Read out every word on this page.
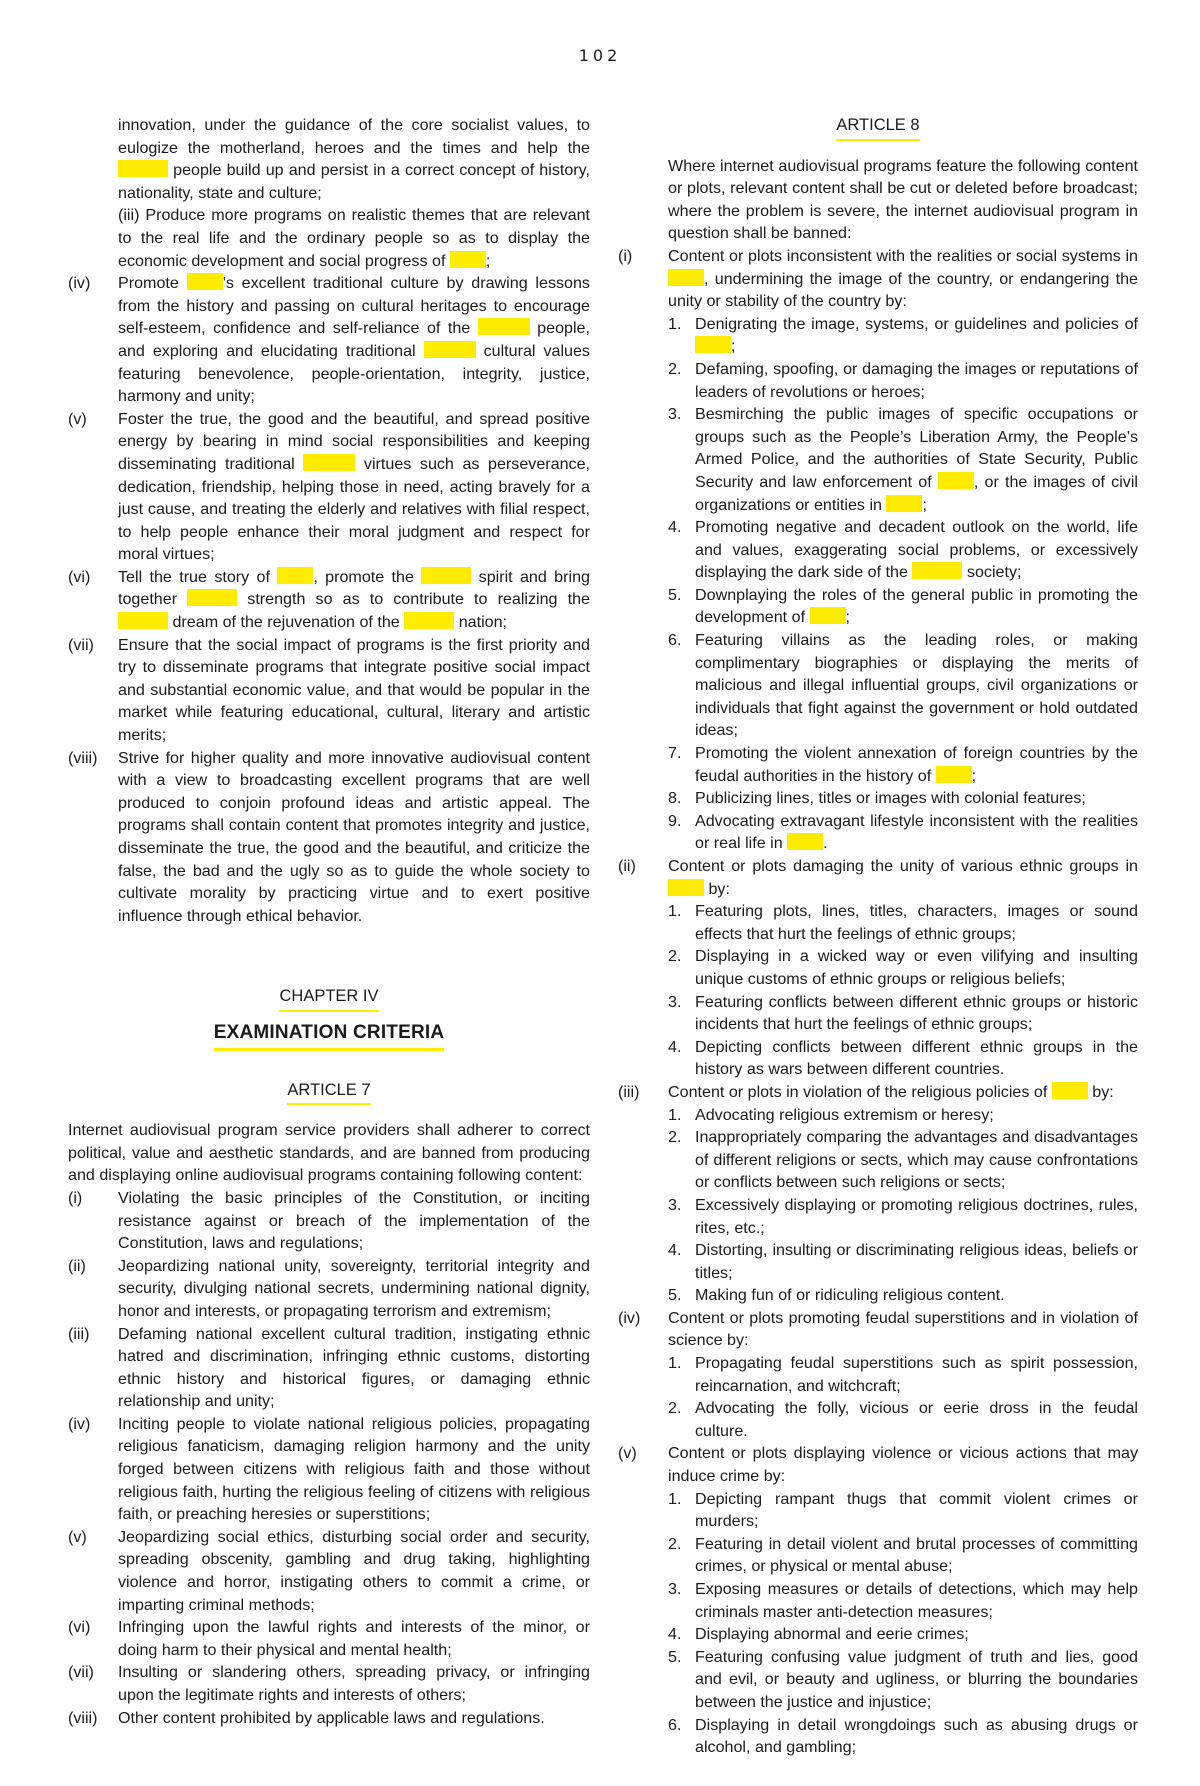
102
innovation, under the guidance of the core socialist values, to eulogize the motherland, heroes and the times and help the  people build up and persist in a correct concept of history, nationality, state and culture;
(iii) Produce more programs on realistic themes that are relevant to the real life and the ordinary people so as to display the economic development and social progress of	;
(iv)	Promote	’s excellent traditional culture by drawing lessons from the history and passing on cultural heritages to encourage self-esteem, confidence and self-reliance of the	people, and exploring and elucidating traditional	cultural values featuring benevolence, people-orientation, integrity, justice, harmony and unity;
(v)	Foster the true, the good and the beautiful, and spread positive energy by bearing in mind social responsibilities and keeping disseminating traditional	virtues such as perseverance, dedication, friendship, helping those in need, acting bravely for a just cause, and treating the elderly and relatives with filial respect, to help people enhance their moral judgment and respect for moral virtues;
(vi)	Tell the true story of	, promote the	spirit and bring together	strength so as to contribute to realizing the  dream of the rejuvenation of the	nation;
(vii)	Ensure that the social impact of programs is the first priority and try to disseminate programs that integrate positive social impact and substantial economic value, and that would be popular in the market while featuring educational, cultural, literary and artistic merits;
(viii)	Strive for higher quality and more innovative audiovisual content with a view to broadcasting excellent programs that are well produced to conjoin profound ideas and artistic appeal. The programs shall contain content that promotes integrity and justice, disseminate the true, the good and the beautiful, and criticize the false, the bad and the ugly so as to guide the whole society to cultivate morality by practicing virtue and to exert positive influence through ethical behavior.
CHAPTER IV
EXAMINATION CRITERIA
ARTICLE 7
Internet audiovisual program service providers shall adherer to correct political, value and aesthetic standards, and are banned from producing and displaying online audiovisual programs containing following content:
(i)	Violating the basic principles of the Constitution, or inciting resistance against or breach of the implementation of the Constitution, laws and regulations;
(ii)	Jeopardizing national unity, sovereignty, territorial integrity and security, divulging national secrets, undermining national dignity, honor and interests, or propagating terrorism and extremism;
(iii)	Defaming national excellent cultural tradition, instigating ethnic hatred and discrimination, infringing ethnic customs, distorting ethnic history and historical figures, or damaging ethnic relationship and unity;
(iv)	Inciting people to violate national religious policies, propagating religious fanaticism, damaging religion harmony and the unity forged between citizens with religious faith and those without religious faith, hurting the religious feeling of citizens with religious faith, or preaching heresies or superstitions;
(v)	Jeopardizing social ethics, disturbing social order and security, spreading obscenity, gambling and drug taking, highlighting violence and horror, instigating others to commit a crime, or imparting criminal methods;
(vi)	Infringing upon the lawful rights and interests of the minor, or doing harm to their physical and mental health;
(vii)	Insulting or slandering others, spreading privacy, or infringing upon the legitimate rights and interests of others;
(viii)	Other content prohibited by applicable laws and regulations.
ARTICLE 8
Where internet audiovisual programs feature the following content or plots, relevant content shall be cut or deleted before broadcast; where the problem is severe, the internet audiovisual program in question shall be banned:
(i)	Content or plots inconsistent with the realities or social systems in , undermining the image of the country, or endangering the unity or stability of the country by:
1. Denigrating the image, systems, or guidelines and policies of ;
2. Defaming, spoofing, or damaging the images or reputations of leaders of revolutions or heroes;
3. Besmirching the public images of specific occupations or groups such as the People’s Liberation Army, the People’s Armed Police, and the authorities of State Security, Public Security and law enforcement of	, or the images of civil organizations or entities in	;
4. Promoting negative and decadent outlook on the world, life and values, exaggerating social problems, or excessively displaying the dark side of the	society;
5. Downplaying the roles of the general public in promoting the development of	;
6. Featuring villains as the leading roles, or making complimentary biographies or displaying the merits of malicious and illegal influential groups, civil organizations or individuals that fight against the government or hold outdated ideas;
7. Promoting the violent annexation of foreign countries by the feudal authorities in the history of	;
8. Publicizing lines, titles or images with colonial features;
9. Advocating extravagant lifestyle inconsistent with the realities or real life in	.
(ii)	Content or plots damaging the unity of various ethnic groups in  by:
1. Featuring plots, lines, titles, characters, images or sound effects that hurt the feelings of ethnic groups;
2. Displaying in a wicked way or even vilifying and insulting unique customs of ethnic groups or religious beliefs;
3. Featuring conflicts between different ethnic groups or historic incidents that hurt the feelings of ethnic groups;
4. Depicting conflicts between different ethnic groups in the history as wars between different countries.
(iii)	Content or plots in violation of the religious policies of	by:
1. Advocating religious extremism or heresy;
2. Inappropriately comparing the advantages and disadvantages of different religions or sects, which may cause confrontations or conflicts between such religions or sects;
3. Excessively displaying or promoting religious doctrines, rules, rites, etc.;
4. Distorting, insulting or discriminating religious ideas, beliefs or titles;
5. Making fun of or ridiculing religious content.
(iv)	Content or plots promoting feudal superstitions and in violation of science by:
1. Propagating feudal superstitions such as spirit possession, reincarnation, and witchcraft;
2. Advocating the folly, vicious or eerie dross in the feudal culture.
(v)	Content or plots displaying violence or vicious actions that may induce crime by:
1. Depicting rampant thugs that commit violent crimes or murders;
2. Featuring in detail violent and brutal processes of committing crimes, or physical or mental abuse;
3. Exposing measures or details of detections, which may help criminals master anti-detection measures;
4. Displaying abnormal and eerie crimes;
5. Featuring confusing value judgment of truth and lies, good and evil, or beauty and ugliness, or blurring the boundaries between the justice and injustice;
6. Displaying in detail wrongdoings such as abusing drugs or alcohol, and gambling;
